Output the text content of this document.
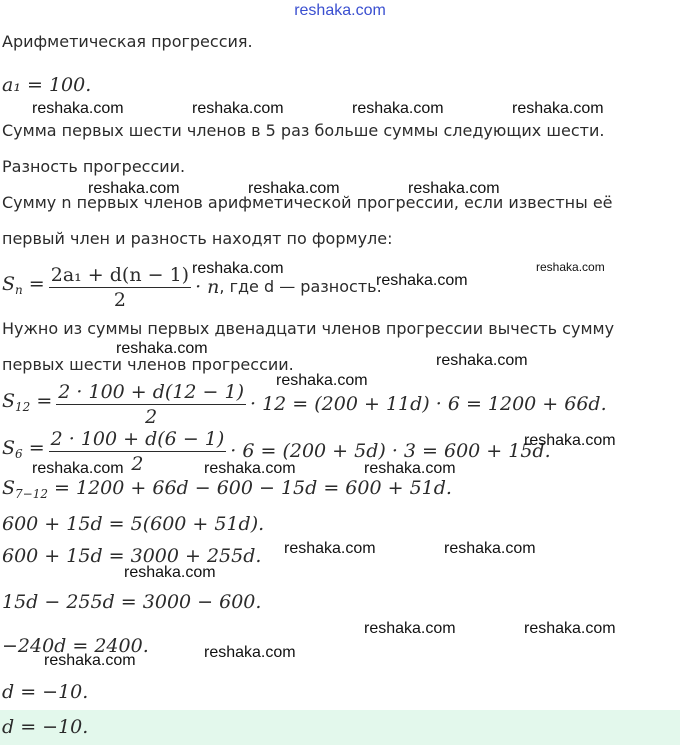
reshaka.com
Арифметическая прогрессия.
a₁ = 100.
Сумма первых шести членов в 5 раз больше суммы следующих шести.
Разность прогрессии.
Сумму n первых членов арифметической прогрессии, если известны её
первый член и разность находят по формуле:
$S_n = \frac{\text{2a₁ + d(n − 1)}}{2} \cdot n$ , где d — разность.
Нужно из суммы первых двенадцати членов прогрессии вычесть сумму
первых шести членов прогрессии.
$S_{12} = \frac{2 \cdot 100 + d(12 - 1)}{2} \cdot 12 = (200 + 11d) \cdot 6 = 1200 + 66d$.
$S_6 = \frac{2 \cdot 100 + d(6 - 1)}{2} \cdot 6 = (200 + 5d) \cdot 3 = 600 + 15d$.
$S_{7-12} = 1200 + 66d - 600 - 15d = 600 + 51d$.
600 + 15d = 5(600 + 51d).
600 + 15d = 3000 + 255d.
15d − 255d = 3000 − 600.
−240d = 2400.
d = −10.
d = −10.
reshaka.com	reshaka.com	reshaka.com	reshaka.com
reshaka.com	reshaka.com	reshaka.com
reshaka.com
reshaka.com
reshaka.com
reshaka.com
reshaka.com
reshaka.com
reshaka.com
reshaka.com	reshaka.com	reshaka.com
reshaka.com	reshaka.com
reshaka.com
reshaka.com	reshaka.com
reshaka.com	reshaka.com
